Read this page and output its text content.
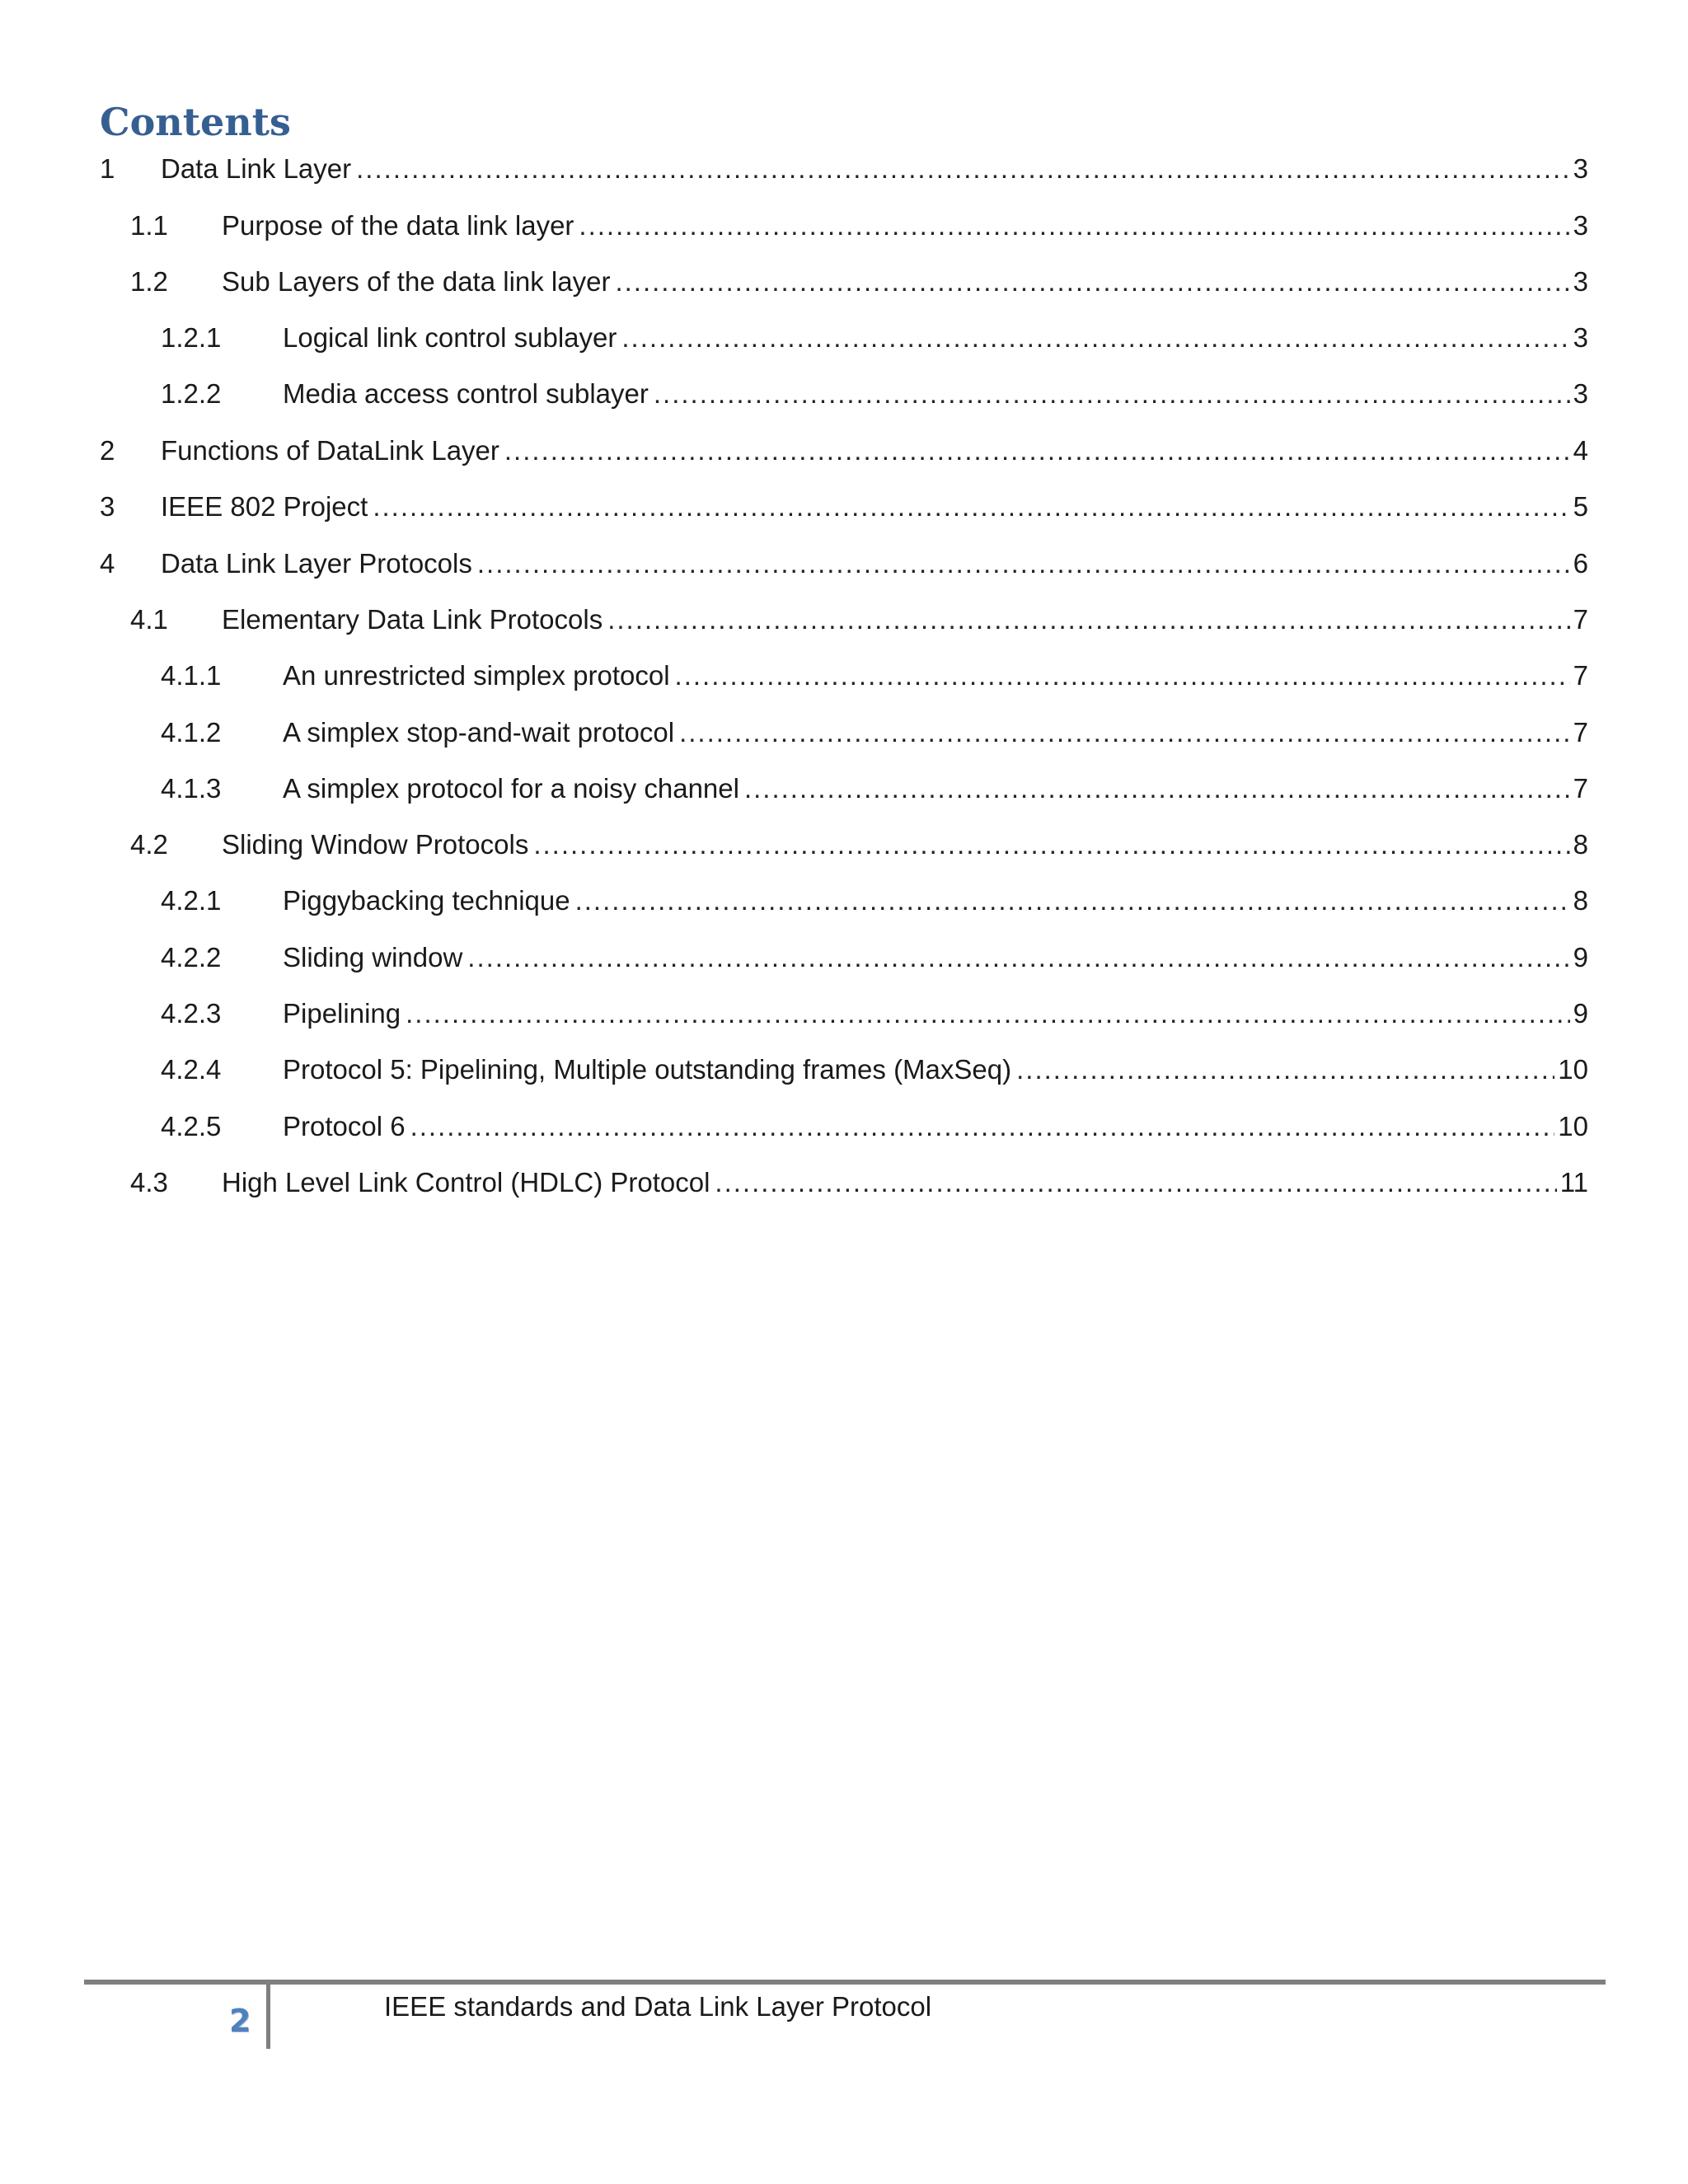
Contents
1	Data Link Layer .....	3
1.1	Purpose of the data link layer .....	3
1.2	Sub Layers of the data link layer .....	3
1.2.1	Logical link control sublayer .....	3
1.2.2	Media access control sublayer .....	3
2	Functions of DataLink Layer .....	4
3	IEEE 802 Project .....	5
4	Data Link Layer Protocols .....	6
4.1	Elementary Data Link Protocols .....	7
4.1.1	An unrestricted simplex protocol .....	7
4.1.2	A simplex stop-and-wait protocol .....	7
4.1.3	A simplex protocol for a noisy channel .....	7
4.2	Sliding Window Protocols .....	8
4.2.1	Piggybacking technique .....	8
4.2.2	Sliding window .....	9
4.2.3	Pipelining .....	9
4.2.4	Protocol 5: Pipelining, Multiple outstanding frames (MaxSeq) .....	10
4.2.5	Protocol 6 .....	10
4.3	High Level Link Control (HDLC) Protocol .....	11
2	IEEE standards and Data Link Layer Protocol
